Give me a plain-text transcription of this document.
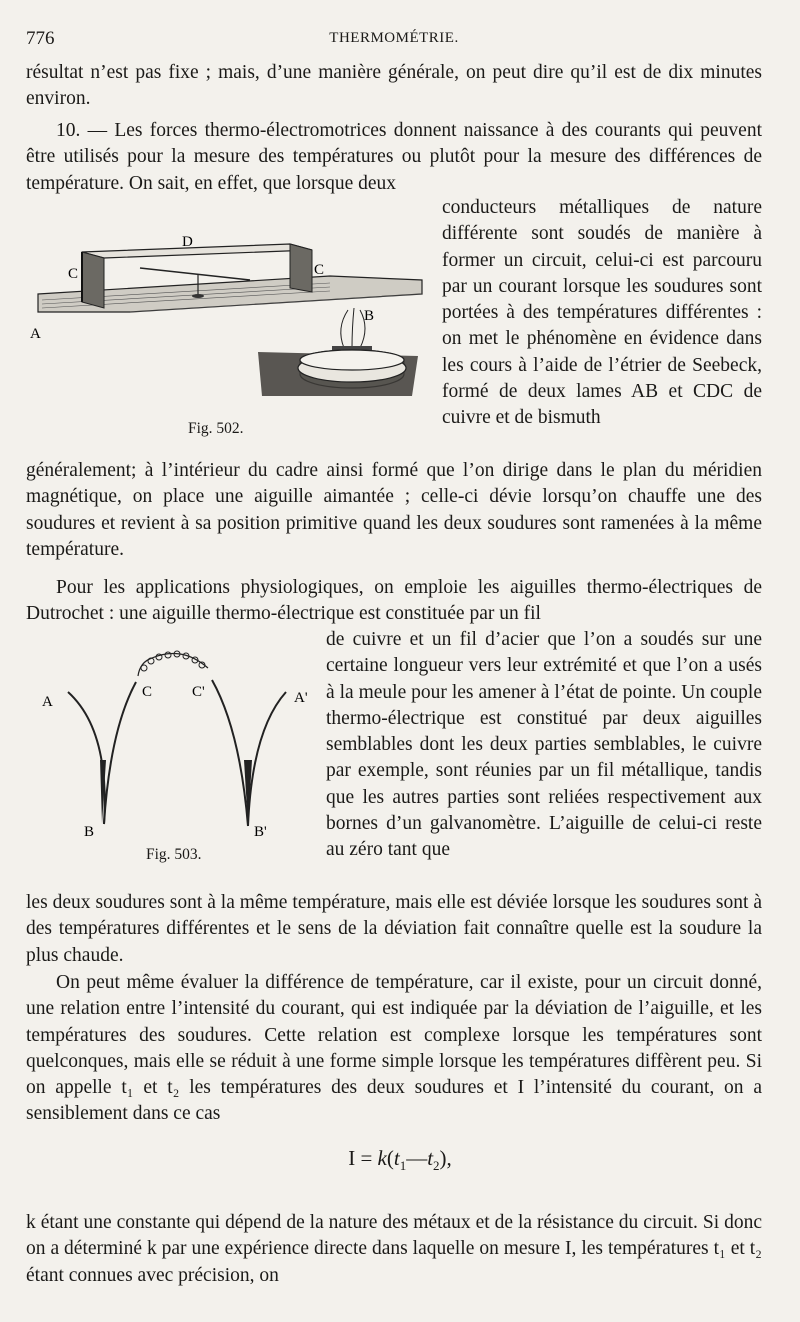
776	THERMOMÉTRIE.

résultat n’est pas fixe ; mais, d’une manière générale, on peut dire qu’il est de dix minutes environ.

10. — Les forces thermo-électromotrices donnent naissance à des courants qui peuvent être utilisés pour la mesure des températures ou plutôt pour la mesure des différences de température. On sait, en effet, que lorsque deux

conducteurs métalliques de nature différente sont soudés de manière à former un circuit, celui-ci est parcouru par un courant lorsque les soudures sont portées à des températures différentes : on met le phénomène en évidence dans les cours à l’aide de l’étrier de Seebeck, formé de deux lames AB et CDC de cuivre et de bismuth

D
C	C
B
A
Fig. 502.

généralement; à l’intérieur du cadre ainsi formé que l’on dirige dans le plan du méridien magnétique, on place une aiguille aimantée ; celle-ci dévie lorsqu’on chauffe une des soudures et revient à sa position primitive quand les deux soudures sont ramenées à la même température.

Pour les applications physiologiques, on emploie les aiguilles thermo-électriques de Dutrochet : une aiguille thermo-électrique est constituée par un fil

de cuivre et un fil d’acier que l’on a soudés sur une certaine longueur vers leur extrémité et que l’on a usés à la meule pour les amener à l’état de pointe. Un couple thermo-électrique est constitué par deux aiguilles semblables dont les deux parties semblables, le cuivre par exemple, sont réunies par un fil métallique, tandis que les autres parties sont reliées respectivement aux bornes d’un galvanomètre. L’aiguille de celui-ci reste au zéro tant que

A
C	C'	A'
B	B'
Fig. 503.

les deux soudures sont à la même température, mais elle est déviée lorsque les soudures sont à des températures différentes et le sens de la déviation fait connaître quelle est la soudure la plus chaude.

On peut même évaluer la différence de température, car il existe, pour un circuit donné, une relation entre l’intensité du courant, qui est indiquée par la déviation de l’aiguille, et les températures des soudures. Cette relation est complexe lorsque les températures sont quelconques, mais elle se réduit à une forme simple lorsque les températures diffèrent peu. Si on appelle t₁ et t₂ les températures des deux soudures et I l’intensité du courant, on a sensiblement dans ce cas

$I = k(t_1—t_2)$,

k étant une constante qui dépend de la nature des métaux et de la résistance du circuit. Si donc on a déterminé k par une expérience directe dans laquelle on mesure I, les températures t₁ et t₂ étant connues avec précision, on
